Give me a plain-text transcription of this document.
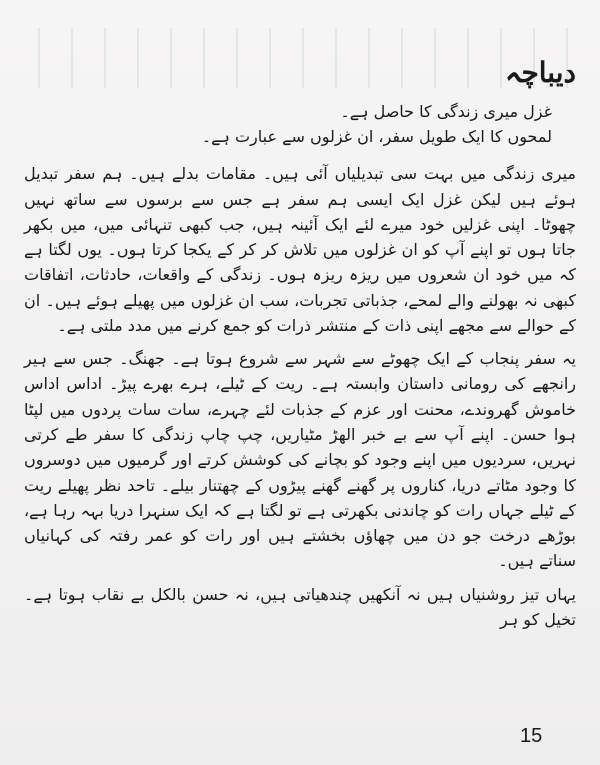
دیباچہ
غزل میری زندگی کا حاصل ہے۔
لمحوں کا ایک طویل سفر، ان غزلوں سے عبارت ہے۔

میری زندگی میں بہت سی تبدیلیاں آئی ہیں۔ مقامات بدلے ہیں۔ ہم سفر تبدیل ہوئے ہیں لیکن غزل ایک ایسی ہم سفر ہے جس سے برسوں سے ساتھ نہیں چھوٹا۔ اپنی غزلیں خود میرے لئے ایک آئینہ ہیں، جب کبھی تنہائی میں، میں بکھر جاتا ہوں تو اپنے آپ کو ان غزلوں میں تلاش کر کر کے یکجا کرتا ہوں۔ یوں لگتا ہے کہ میں خود ان شعروں میں ریزہ ریزہ ہوں۔ زندگی کے واقعات، حادثات، اتفاقات کبھی نہ بھولنے والے لمحے، جذباتی تجربات، سب ان غزلوں میں پھیلے ہوئے ہیں۔ ان کے حوالے سے مجھے اپنی ذات کے منتشر ذرات کو جمع کرنے میں مدد ملتی ہے۔

یہ سفر پنجاب کے ایک چھوٹے سے شہر سے شروع ہوتا ہے۔ جھنگ۔ جس سے ہیر رانجھے کی رومانی داستان وابستہ ہے۔ ریت کے ٹیلے، ہرے بھرے پیڑ۔ اداس اداس خاموش گھروندے، محنت اور عزم کے جذبات لئے چہرے، سات سات پردوں میں لپٹا ہوا حسن۔ اپنے آپ سے بے خبر الھڑ مٹیاریں، چپ چاپ زندگی کا سفر طے کرتی نہریں، سردیوں میں اپنے وجود کو بچانے کی کوشش کرتے اور گرمیوں میں دوسروں کا وجود مٹاتے دریا، کناروں پر گھنے گھنے پیڑوں کے چھتنار بیلے۔ تاحد نظر پھیلے ریت کے ٹیلے جہاں رات کو چاندنی بکھرتی ہے تو لگتا ہے کہ ایک سنہرا دریا بہہ رہا ہے، بوڑھے درخت جو دن میں چھاؤں بخشتے ہیں اور رات کو عمر رفتہ کی کہانیاں سناتے ہیں۔

یہاں تیز روشنیاں ہیں نہ آنکھیں چندھیاتی ہیں، نہ حسن بالکل بے نقاب ہوتا ہے۔ تخیل کو ہر

15
